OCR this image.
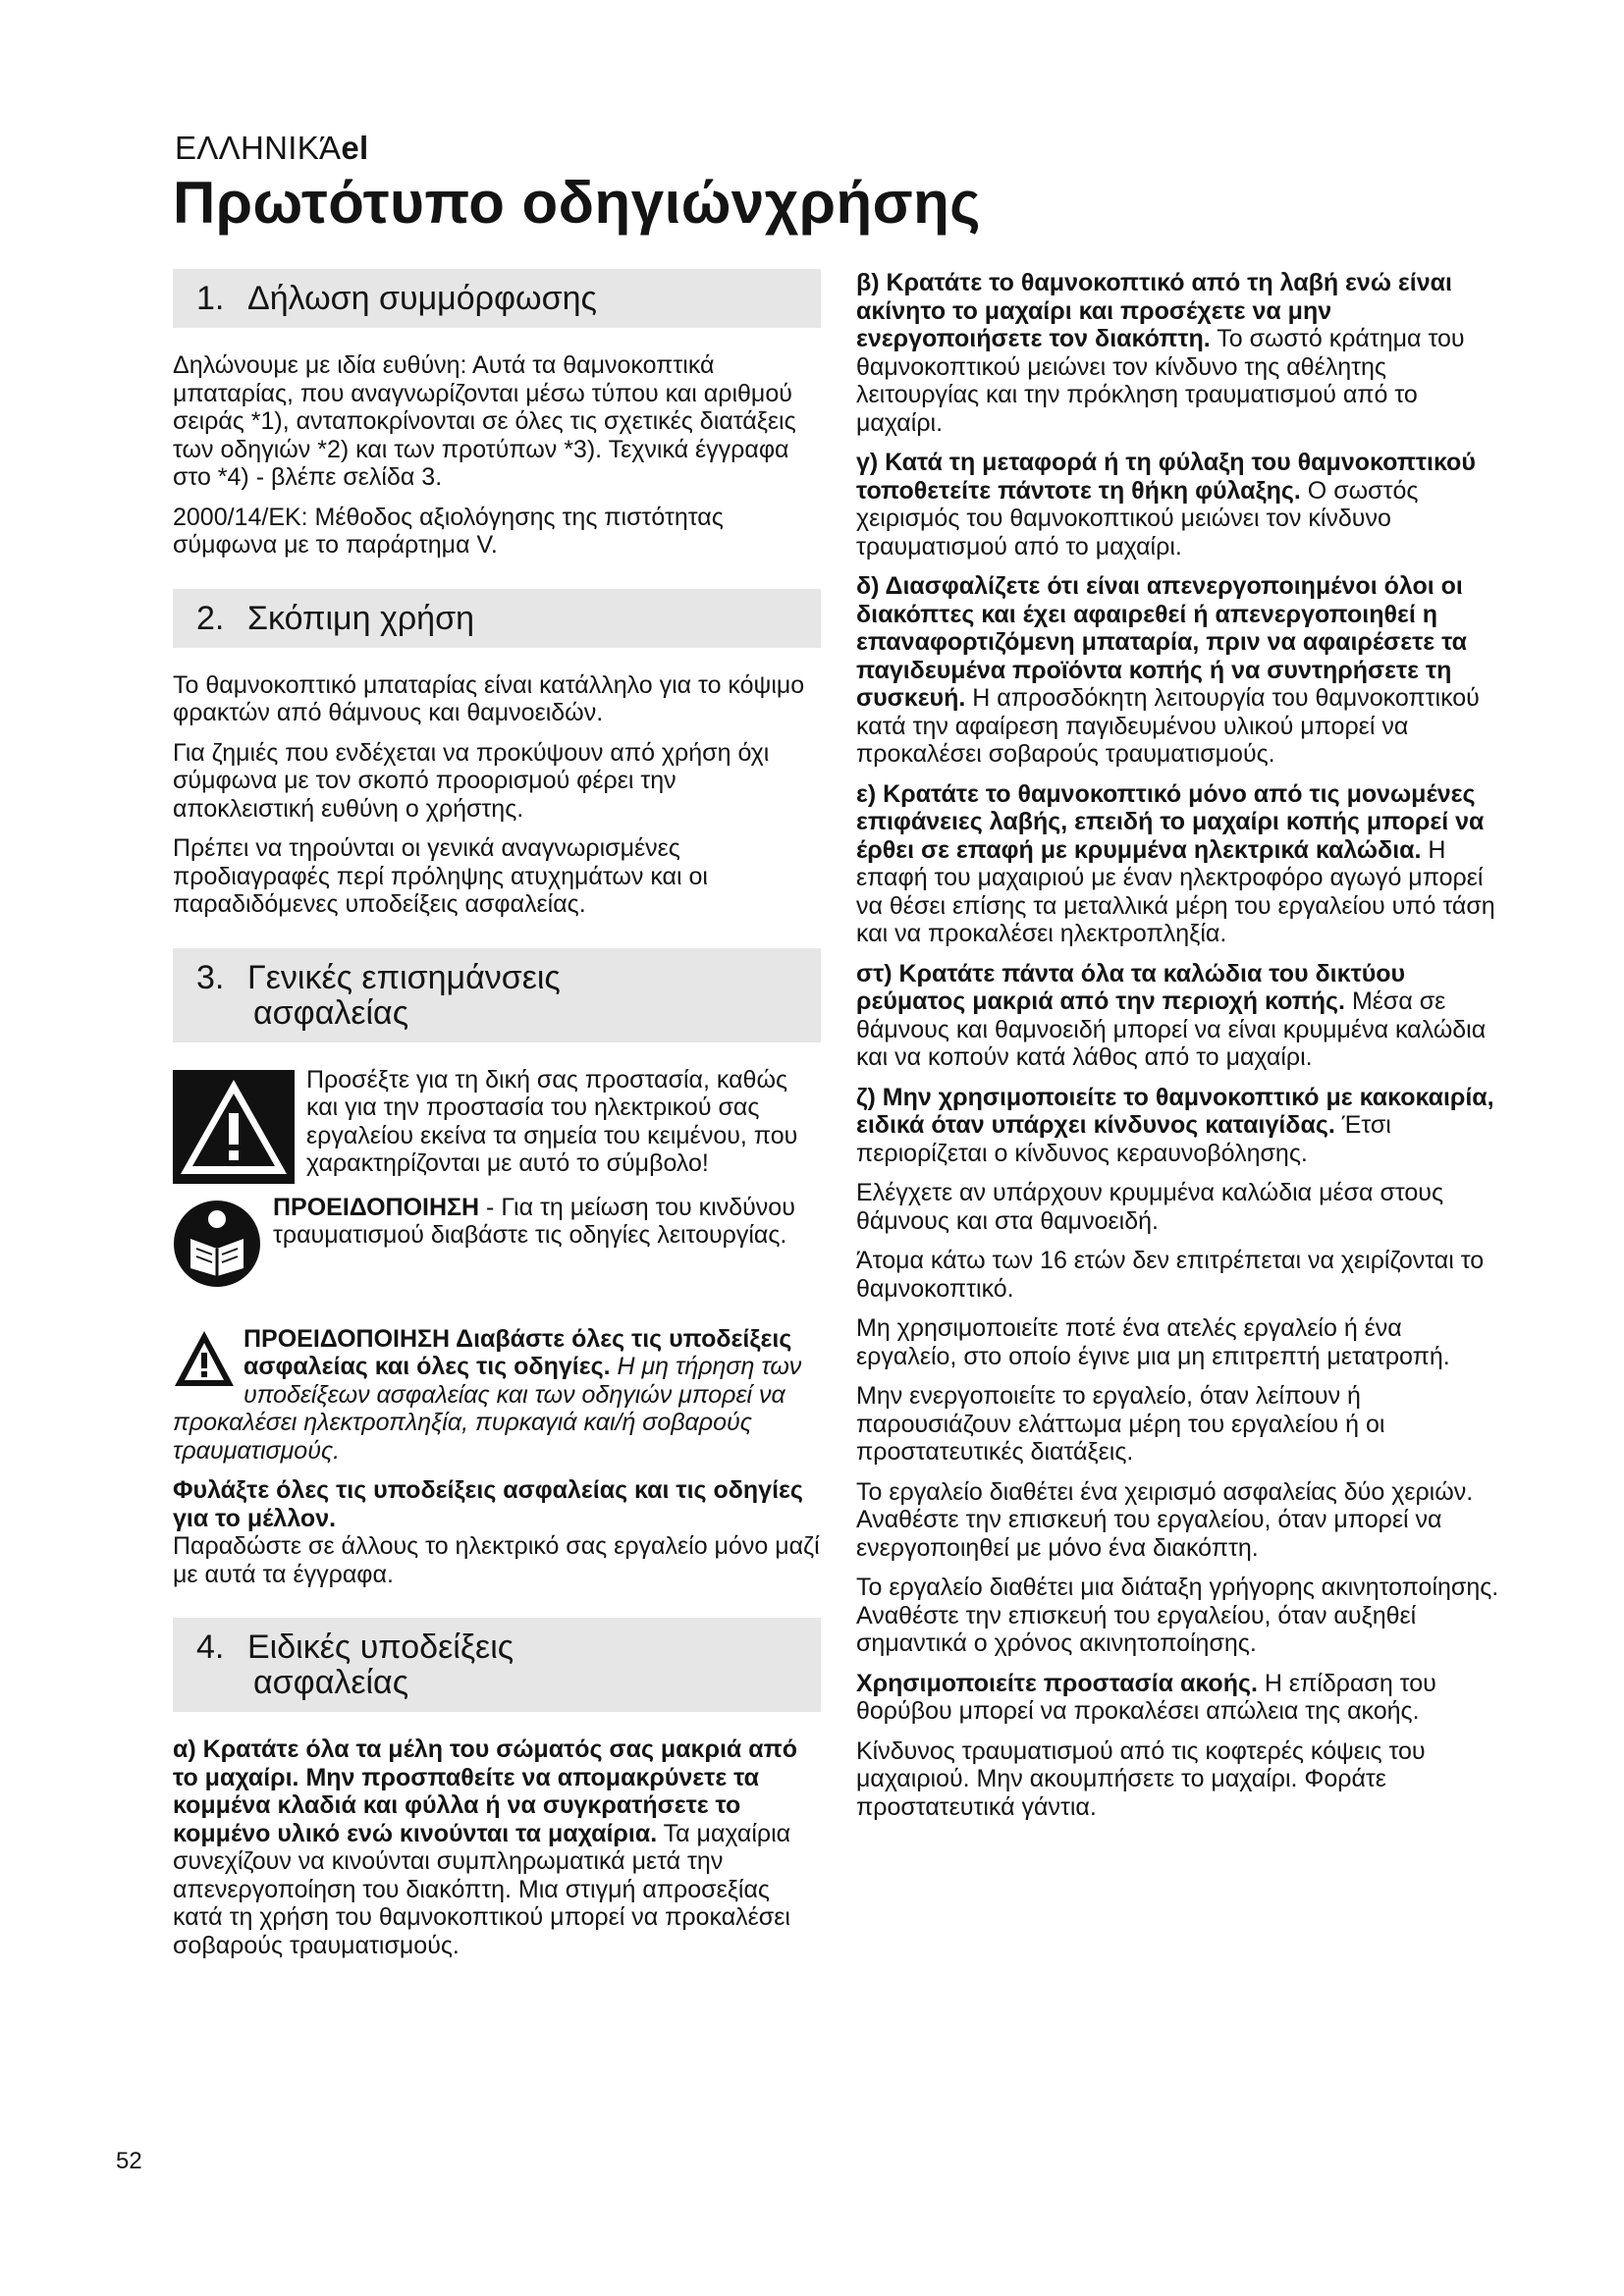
ΕΛΛΗΝΙΚΆel
Πρωτότυπο οδηγιώνχρήσης
1. Δήλωση συμμόρφωσης

Δηλώνουμε με ιδία ευθύνη: Αυτά τα θαμνοκοπτικά μπαταρίας, που αναγνωρίζονται μέσω τύπου και αριθμού σειράς *1), ανταποκρίνονται σε όλες τις σχετικές διατάξεις των οδηγιών *2) και των προτύπων *3). Τεχνικά έγγραφα στο *4) - βλέπε σελίδα 3.

2000/14/ΕΚ: Μέθοδος αξιολόγησης της πιστότητας σύμφωνα με το παράρτημα V.

2. Σκόπιμη χρήση

Το θαμνοκοπτικό μπαταρίας είναι κατάλληλο για το κόψιμο φρακτών από θάμνους και θαμνοειδών.

Για ζημιές που ενδέχεται να προκύψουν από χρήση όχι σύμφωνα με τον σκοπό προορισμού φέρει την αποκλειστική ευθύνη ο χρήστης.

Πρέπει να τηρούνται οι γενικά αναγνωρισμένες προδιαγραφές περί πρόληψης ατυχημάτων και οι παραδιδόμενες υποδείξεις ασφαλείας.

3. Γενικές επισημάνσεις
ασφαλείας

Προσέξτε για τη δική σας προστασία, καθώς και για την προστασία του ηλεκτρικού σας εργαλείου εκείνα τα σημεία του κειμένου, που χαρακτηρίζονται με αυτό το σύμβολο!

ΠΡΟΕΙΔΟΠΟΙΗΣΗ - Για τη μείωση του κινδύνου τραυματισμού διαβάστε τις οδηγίες λειτουργίας.

ΠΡΟΕΙΔΟΠΟΙΗΣΗ Διαβάστε όλες τις υποδείξεις ασφαλείας και όλες τις οδηγίες. Η μη τήρηση των υποδείξεων ασφαλείας και των οδηγιών μπορεί να προκαλέσει ηλεκτροπληξία, πυρκαγιά και/ή σοβαρούς τραυματισμούς.

Φυλάξτε όλες τις υποδείξεις ασφαλείας και τις οδηγίες για το μέλλον.
Παραδώστε σε άλλους το ηλεκτρικό σας εργαλείο μόνο μαζί
με αυτά τα έγγραφα.

4. Ειδικές υποδείξεις
ασφαλείας

α) Κρατάτε όλα τα μέλη του σώματός σας μακριά από το μαχαίρι. Μην προσπαθείτε να απομακρύνετε τα κομμένα κλαδιά και φύλλα ή να συγκρατήσετε το κομμένο υλικό ενώ κινούνται τα μαχαίρια. Τα μαχαίρια συνεχίζουν να κινούνται συμπληρωματικά μετά την απενεργοποίηση του διακόπτη. Μια στιγμή απροσεξίας κατά τη χρήση του θαμνοκοπτικού μπορεί να προκαλέσει σοβαρούς τραυματισμούς.

β) Κρατάτε το θαμνοκοπτικό από τη λαβή ενώ είναι ακίνητο το μαχαίρι και προσέχετε να μην ενεργοποιήσετε τον διακόπτη. Το σωστό κράτημα του θαμνοκοπτικού μειώνει τον κίνδυνο της αθέλητης λειτουργίας και την πρόκληση τραυματισμού από το μαχαίρι.

γ) Κατά τη μεταφορά ή τη φύλαξη του θαμνοκοπτικού τοποθετείτε πάντοτε τη θήκη φύλαξης. Ο σωστός χειρισμός του θαμνοκοπτικού μειώνει τον κίνδυνο τραυματισμού από το μαχαίρι.

δ) Διασφαλίζετε ότι είναι απενεργοποιημένοι όλοι οι διακόπτες και έχει αφαιρεθεί ή απενεργοποιηθεί η επαναφορτιζόμενη μπαταρία, πριν να αφαιρέσετε τα παγιδευμένα προϊόντα κοπής ή να συντηρήσετε τη συσκευή. Η απροσδόκητη λειτουργία του θαμνοκοπτικού κατά την αφαίρεση παγιδευμένου υλικού μπορεί να προκαλέσει σοβαρούς τραυματισμούς.

ε) Κρατάτε το θαμνοκοπτικό μόνο από τις μονωμένες επιφάνειες λαβής, επειδή το μαχαίρι κοπής μπορεί να έρθει σε επαφή με κρυμμένα ηλεκτρικά καλώδια. Η επαφή του μαχαιριού με έναν ηλεκτροφόρο αγωγό μπορεί να θέσει επίσης τα μεταλλικά μέρη του εργαλείου υπό τάση και να προκαλέσει ηλεκτροπληξία.

στ) Κρατάτε πάντα όλα τα καλώδια του δικτύου ρεύματος μακριά από την περιοχή κοπής. Μέσα σε θάμνους και θαμνοειδή μπορεί να είναι κρυμμένα καλώδια και να κοπούν κατά λάθος από το μαχαίρι.

ζ) Μην χρησιμοποιείτε το θαμνοκοπτικό με κακοκαιρία, ειδικά όταν υπάρχει κίνδυνος καταιγίδας. Έτσι περιορίζεται ο κίνδυνος κεραυνοβόλησης.

Ελέγχετε αν υπάρχουν κρυμμένα καλώδια μέσα στους θάμνους και στα θαμνοειδή.

Άτομα κάτω των 16 ετών δεν επιτρέπεται να χειρίζονται το θαμνοκοπτικό.

Μη χρησιμοποιείτε ποτέ ένα ατελές εργαλείο ή ένα εργαλείο, στο οποίο έγινε μια μη επιτρεπτή μετατροπή.

Μην ενεργοποιείτε το εργαλείο, όταν λείπουν ή παρουσιάζουν ελάττωμα μέρη του εργαλείου ή οι προστατευτικές διατάξεις.

Το εργαλείο διαθέτει ένα χειρισμό ασφαλείας δύο χεριών. Αναθέστε την επισκευή του εργαλείου, όταν μπορεί να ενεργοποιηθεί με μόνο ένα διακόπτη.

Το εργαλείο διαθέτει μια διάταξη γρήγορης ακινητοποίησης. Αναθέστε την επισκευή του εργαλείου, όταν αυξηθεί σημαντικά ο χρόνος ακινητοποίησης.

Χρησιμοποιείτε προστασία ακοής. Η επίδραση του θορύβου μπορεί να προκαλέσει απώλεια της ακοής.

Κίνδυνος τραυματισμού από τις κοφτερές κόψεις του μαχαιριού. Μην ακουμπήσετε το μαχαίρι. Φοράτε προστατευτικά γάντια.

52
